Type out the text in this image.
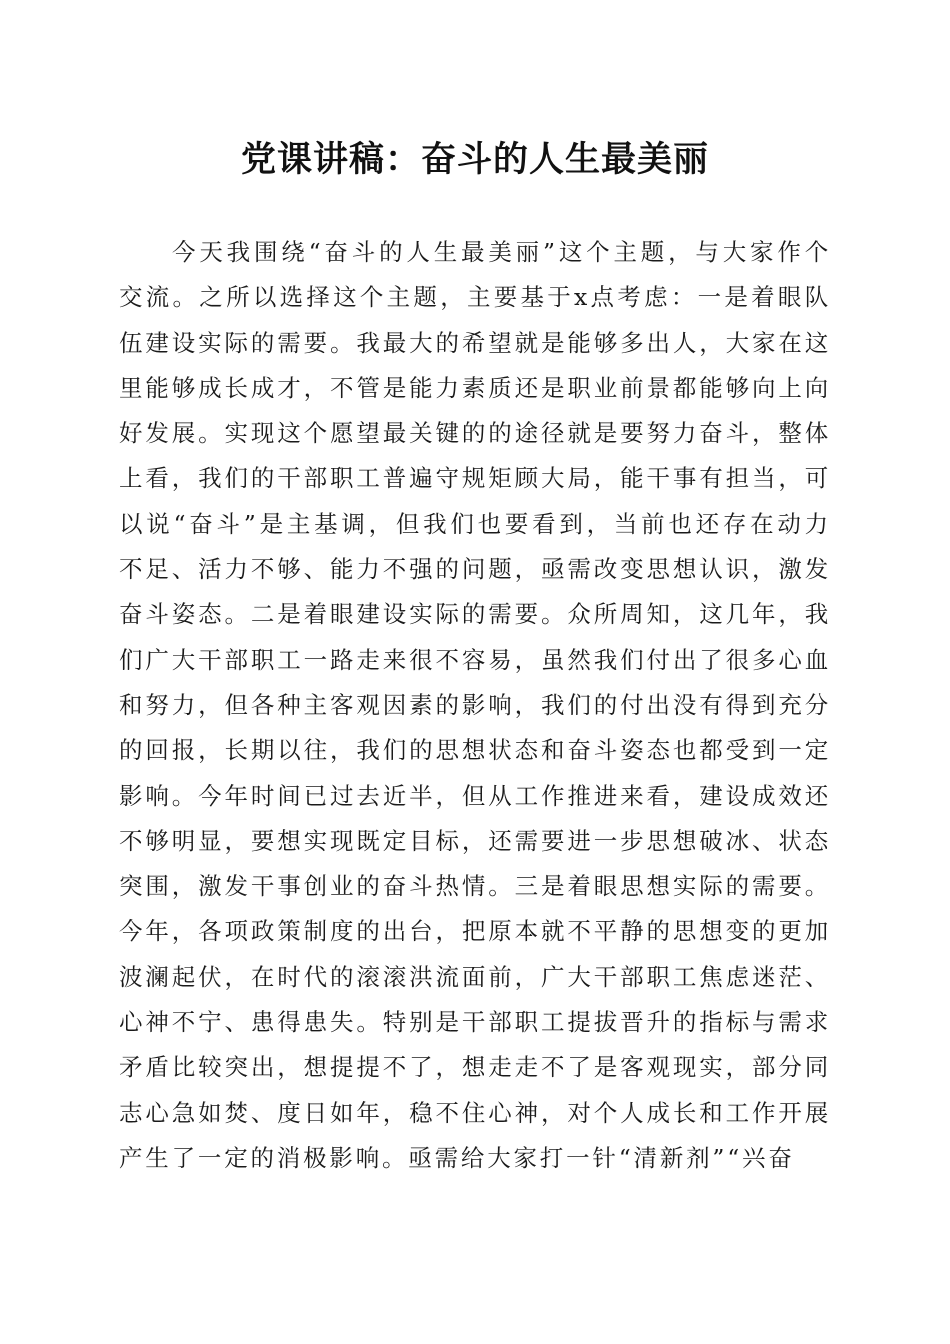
党课讲稿：奋斗的人生最美丽

今天我围绕“奋斗的人生最美丽”这个主题，与大家作个交流。之所以选择这个主题，主要基于x点考虑：一是着眼队伍建设实际的需要。我最大的希望就是能够多出人，大家在这里能够成长成才，不管是能力素质还是职业前景都能够向上向好发展。实现这个愿望最关键的的途径就是要努力奋斗，整体上看，我们的干部职工普遍守规矩顾大局，能干事有担当，可以说“奋斗”是主基调，但我们也要看到，当前也还存在动力不足、活力不够、能力不强的问题，亟需改变思想认识，激发奋斗姿态。二是着眼建设实际的需要。众所周知，这几年，我们广大干部职工一路走来很不容易，虽然我们付出了很多心血和努力，但各种主客观因素的影响，我们的付出没有得到充分的回报，长期以往，我们的思想状态和奋斗姿态也都受到一定影响。今年时间已过去近半，但从工作推进来看，建设成效还不够明显，要想实现既定目标，还需要进一步思想破冰、状态突围，激发干事创业的奋斗热情。三是着眼思想实际的需要。今年，各项政策制度的出台，把原本就不平静的思想变的更加波澜起伏，在时代的滚滚洪流面前，广大干部职工焦虑迷茫、心神不宁、患得患失。特别是干部职工提拔晋升的指标与需求矛盾比较突出，想提提不了，想走走不了是客观现实，部分同志心急如焚、度日如年，稳不住心神，对个人成长和工作开展产生了一定的消极影响。亟需给大家打一针“清新剂”“兴奋
